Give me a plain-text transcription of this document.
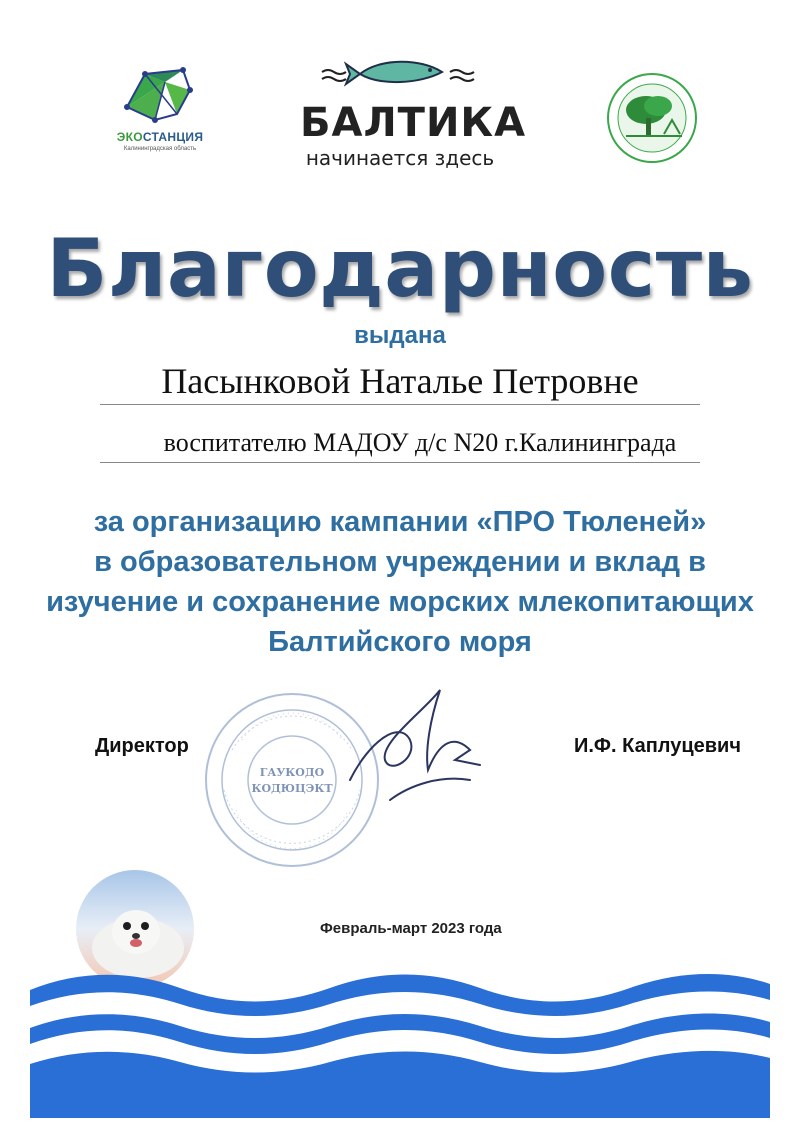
ЭКОСТАНЦИЯ
Калининградская область
БАЛТИКА
начинается здесь
Благодарность
выдана
Пасынковой Наталье Петровне
воспитателю МАДОУ д/с N20 г.Калининграда
за организацию кампании «ПРО Тюленей»
в образовательном учреждении и вклад в
изучение и сохранение морских млекопитающих
Балтийского моря
ГАУКОДО
КОДЮЦЭКТ
Директор	И.Ф. Каплуцевич
Февраль-март 2023 года
